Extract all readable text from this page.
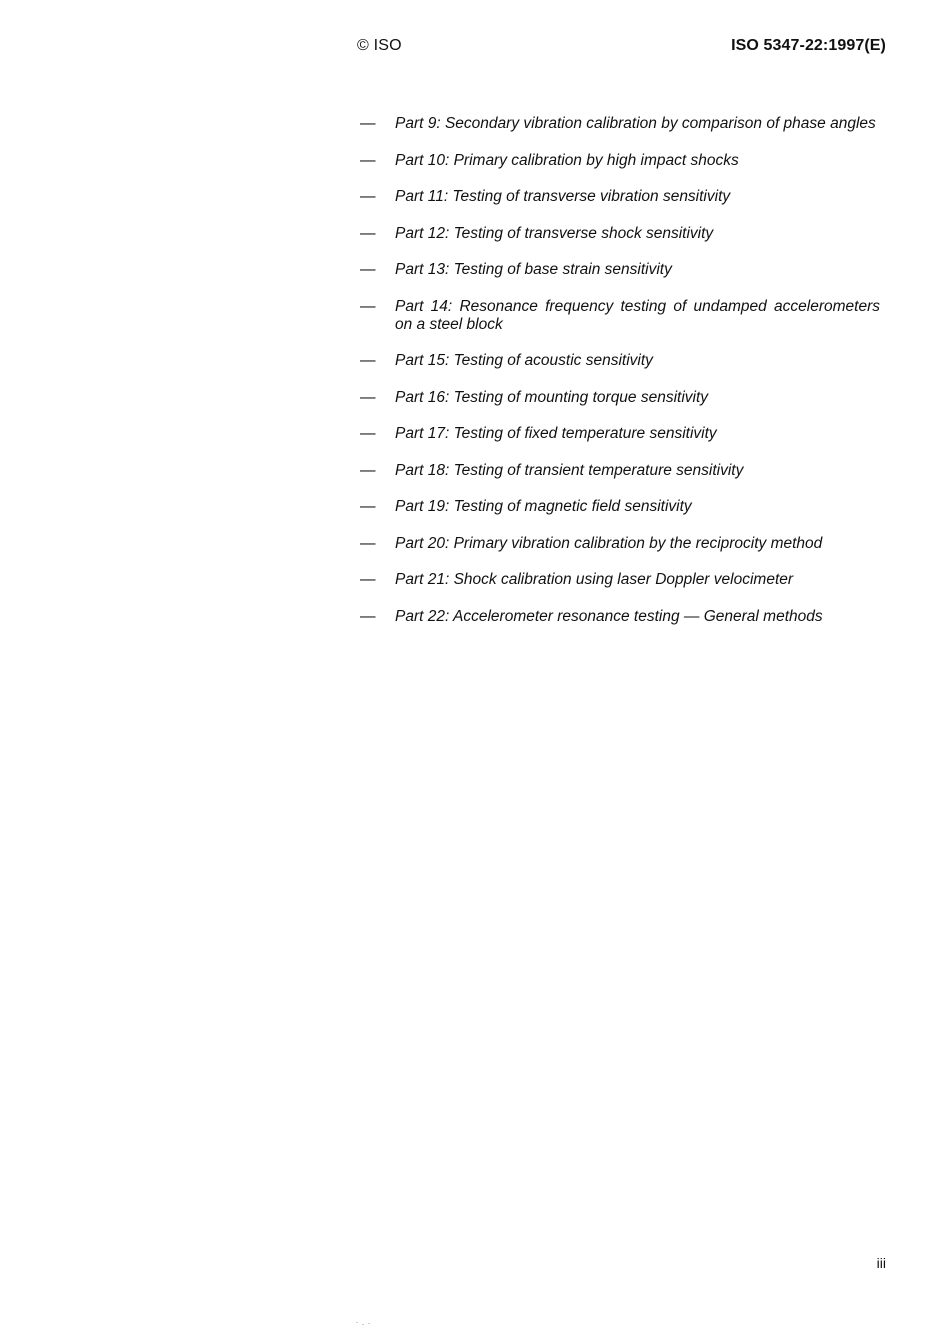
© ISO	ISO 5347-22:1997(E)
— Part 9: Secondary vibration calibration by comparison of phase angles
— Part 10: Primary calibration by high impact shocks
— Part 11: Testing of transverse vibration sensitivity
— Part 12: Testing of transverse shock sensitivity
— Part 13: Testing of base strain sensitivity
— Part 14: Resonance frequency testing of undamped accelerometers on a steel block
— Part 15: Testing of acoustic sensitivity
— Part 16: Testing of mounting torque sensitivity
— Part 17: Testing of fixed temperature sensitivity
— Part 18: Testing of transient temperature sensitivity
— Part 19: Testing of magnetic field sensitivity
— Part 20: Primary vibration calibration by the reciprocity method
— Part 21: Shock calibration using laser Doppler velocimeter
— Part 22: Accelerometer resonance testing — General methods
iii
